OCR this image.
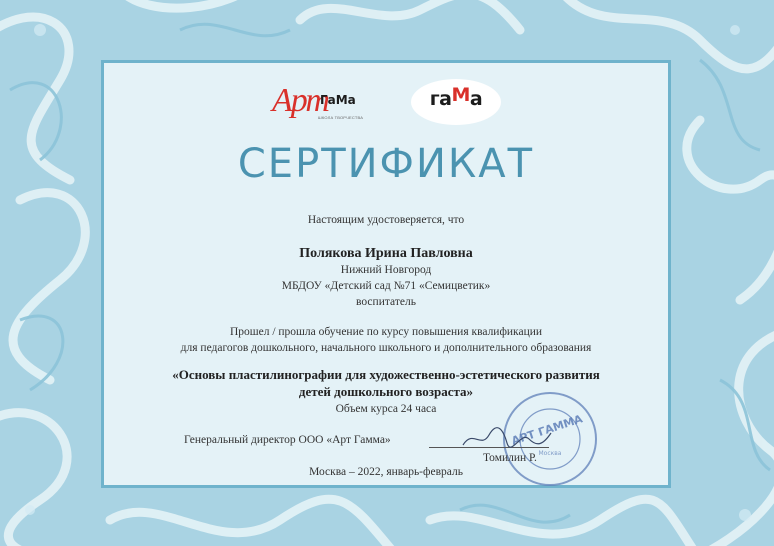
Арт
ГаМа
ШКОЛА ТВОРЧЕСТВА
гаМа
СЕРТИФИКАТ
Настоящим удостоверяется, что
Полякова Ирина Павловна
Нижний Новгород
МБДОУ «Детский сад №71 «Семицветик»
воспитатель
Прошел / прошла обучение по курсу повышения квалификации
для педагогов дошкольного, начального школьного и дополнительного образования
«Основы пластилинографии для художественно-эстетического развития
детей дошкольного возраста»
Объем курса 24 часа
АРТ ГАММА
Москва
Генеральный директор ООО «Арт Гамма»
Томилин Р.
Москва – 2022, январь-февраль
